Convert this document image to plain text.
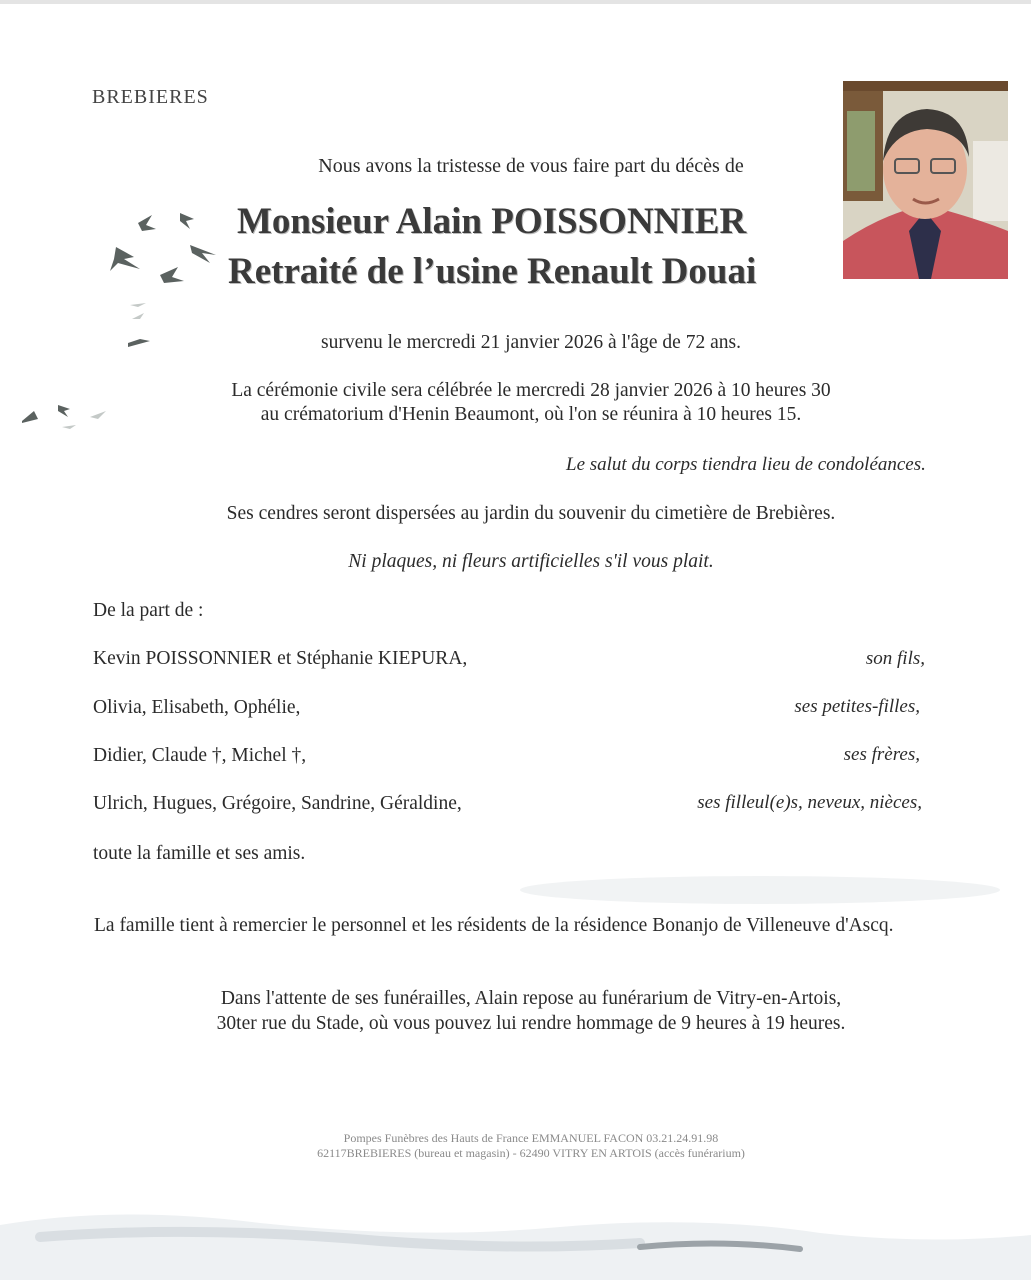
BREBIERES
Nous avons la tristesse de vous faire part du décès de
Monsieur Alain POISSONNIER
Retraité de l’usine Renault Douai
survenu le mercredi 21 janvier 2026 à l'âge de 72 ans.
La cérémonie civile sera célébrée le mercredi 28 janvier 2026 à 10 heures 30
au crématorium d'Henin Beaumont, où l'on se réunira à 10 heures 15.
Le salut du corps tiendra lieu de condoléances.
Ses cendres seront dispersées au jardin du souvenir du cimetière de Brebières.
Ni plaques, ni fleurs artificielles s'il vous plait.
De la part de :
Kevin POISSONNIER et Stéphanie KIEPURA,	son fils,
Olivia, Elisabeth, Ophélie,	ses petites-filles,
Didier, Claude †, Michel †,	ses frères,
Ulrich, Hugues, Grégoire, Sandrine, Géraldine,	ses filleul(e)s, neveux, nièces,
toute la famille et ses amis.
La famille tient à remercier le personnel et les résidents de la résidence Bonanjo de Villeneuve d'Ascq.
Dans l'attente de ses funérailles, Alain repose au funérarium de Vitry-en-Artois,
30ter rue du Stade, où vous pouvez lui rendre hommage de 9 heures à 19 heures.
Pompes Funèbres des Hauts de France EMMANUEL FACON 03.21.24.91.98
62117BREBIERES (bureau et magasin) - 62490 VITRY EN ARTOIS (accès funérarium)
